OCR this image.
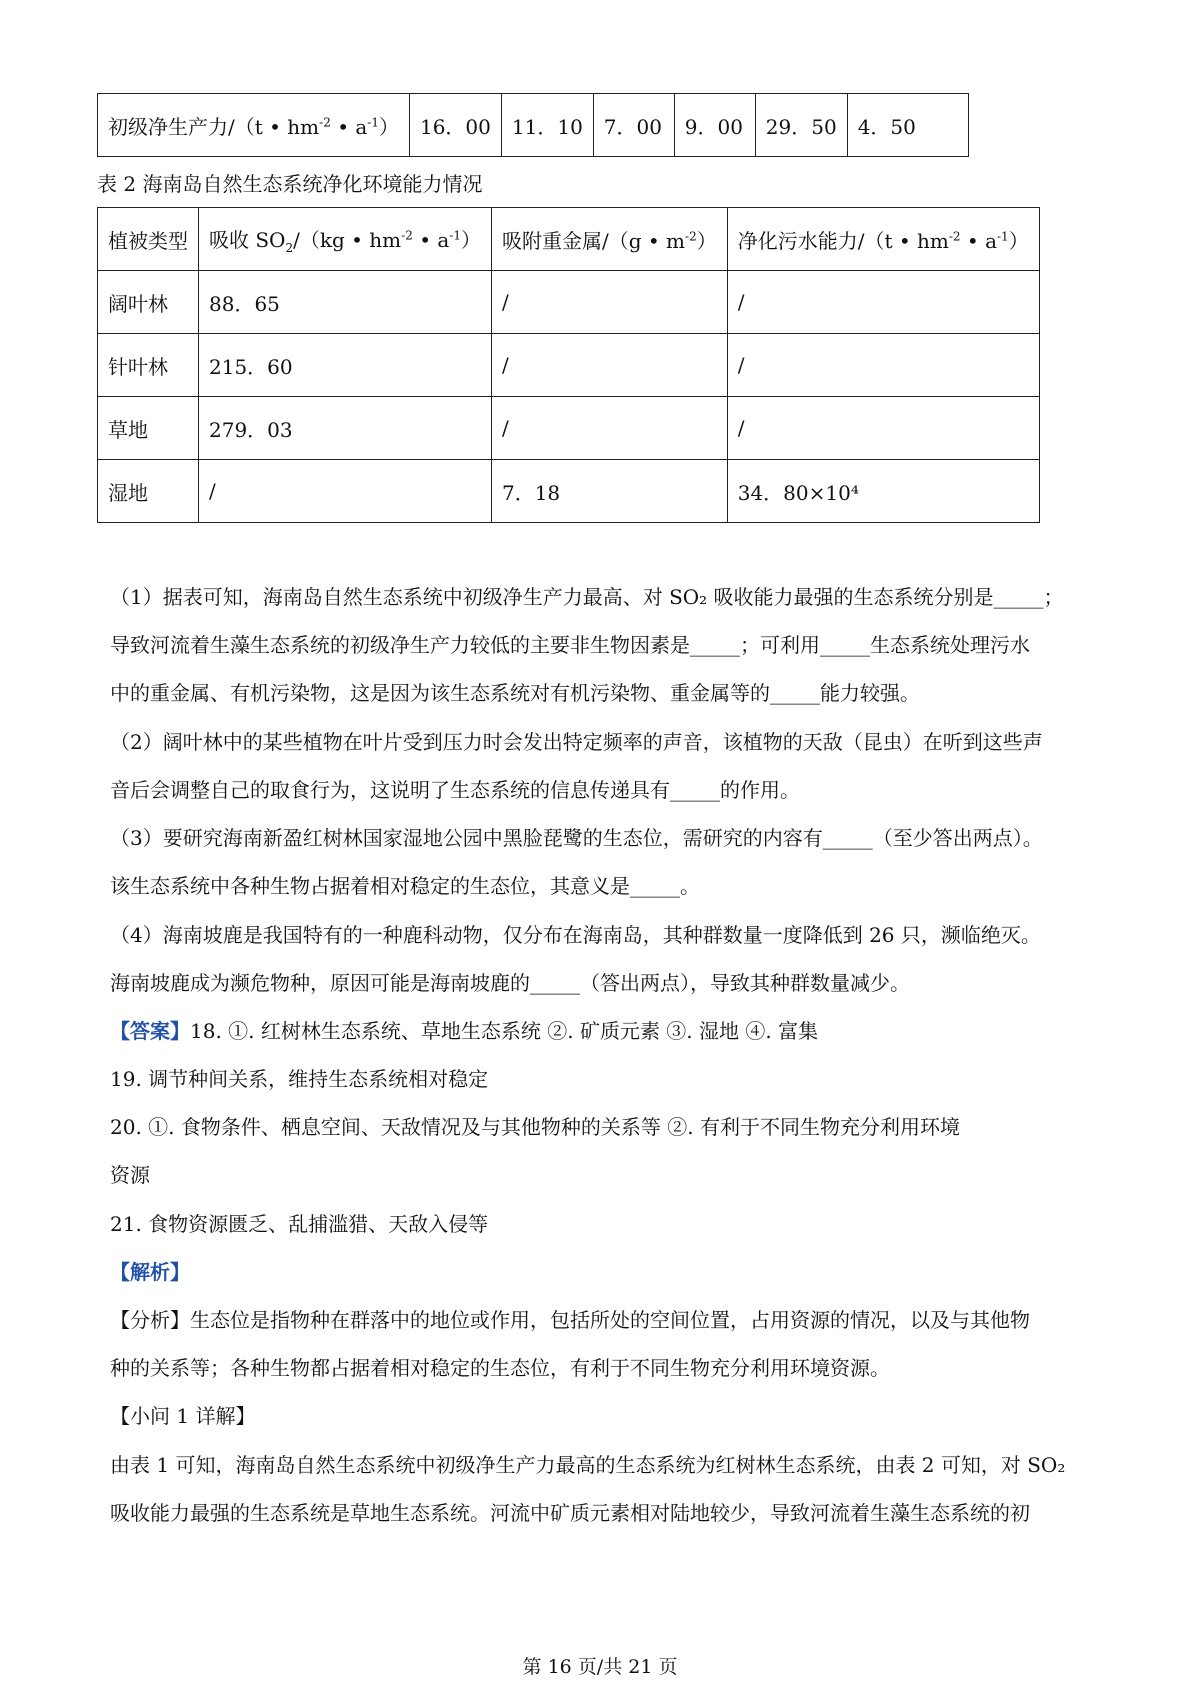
初级净生产力/（t • $hm^{-2}$ • $a^{-1}$）	16．00	11．10	7．00	9．00	29．50	4．50
表 2 海南岛自然生态系统净化环境能力情况
植被类型	吸收 $SO_2/(kg$ • $hm^{-2}$ • $a^{-1}$）	吸附重金属/（g • $m^{-2}$）	净化污水能力/（t • $hm^{-2}$ • $a^{-1}$）
阔叶林	88．65	/	/
针叶林	215．60	/	/
草地	279．03	/	/
湿地	/	7．18	34．80×10⁴
（1）据表可知，海南岛自然生态系统中初级净生产力最高、对 SO₂ 吸收能力最强的生态系统分别是_____；
导致河流着生藻生态系统的初级净生产力较低的主要非生物因素是_____；可利用_____生态系统处理污水
中的重金属、有机污染物，这是因为该生态系统对有机污染物、重金属等的_____能力较强。
（2）阔叶林中的某些植物在叶片受到压力时会发出特定频率的声音，该植物的天敌（昆虫）在听到这些声
音后会调整自己的取食行为，这说明了生态系统的信息传递具有_____的作用。
（3）要研究海南新盈红树林国家湿地公园中黑脸琵鹭的生态位，需研究的内容有_____（至少答出两点）。
该生态系统中各种生物占据着相对稳定的生态位，其意义是_____。
（4）海南坡鹿是我国特有的一种鹿科动物，仅分布在海南岛，其种群数量一度降低到 26 只，濒临绝灭。
海南坡鹿成为濒危物种，原因可能是海南坡鹿的_____（答出两点），导致其种群数量减少。
【答案】18. ①. 红树林生态系统、草地生态系统 ②. 矿质元素 ③. 湿地 ④. 富集
19. 调节种间关系，维持生态系统相对稳定
20. ①. 食物条件、栖息空间、天敌情况及与其他物种的关系等 ②. 有利于不同生物充分利用环境
资源
21. 食物资源匮乏、乱捕滥猎、天敌入侵等
【解析】
【分析】生态位是指物种在群落中的地位或作用，包括所处的空间位置，占用资源的情况，以及与其他物
种的关系等；各种生物都占据着相对稳定的生态位，有利于不同生物充分利用环境资源。
【小问 1 详解】
由表 1 可知，海南岛自然生态系统中初级净生产力最高的生态系统为红树林生态系统，由表 2 可知，对 SO₂
吸收能力最强的生态系统是草地生态系统。河流中矿质元素相对陆地较少，导致河流着生藻生态系统的初
第 16 页/共 21 页
